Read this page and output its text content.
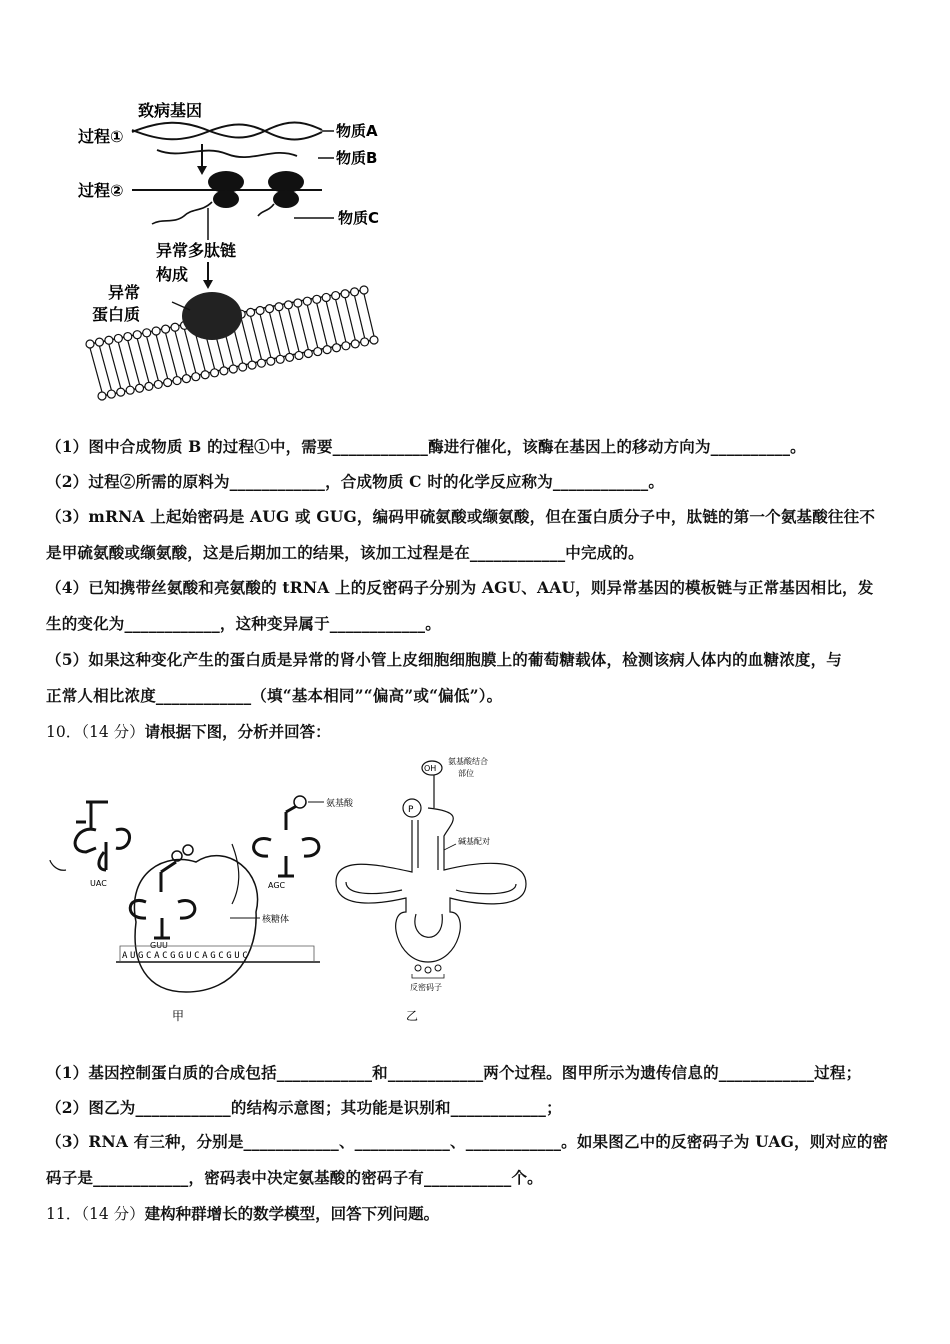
致病基因
过程①	物质A
物质B
过程②
物质C
异常多肽链
构成
异常
蛋白质
（1）图中合成物质 B 的过程①中，需要____________酶进行催化，该酶在基因上的移动方向为__________。
（2）过程②所需的原料为____________，合成物质 C 时的化学反应称为____________。
（3）mRNA 上起始密码是 AUG 或 GUG，编码甲硫氨酸或缬氨酸，但在蛋白质分子中，肽链的第一个氨基酸往往不
是甲硫氨酸或缬氨酸，这是后期加工的结果，该加工过程是在____________中完成的。
（4）已知携带丝氨酸和亮氨酸的 tRNA 上的反密码子分别为 AGU、AAU，则异常基因的模板链与正常基因相比，发
生的变化为____________，这种变异属于____________。
（5）如果这种变化产生的蛋白质是异常的肾小管上皮细胞细胞膜上的葡萄糖载体，检测该病人体内的血糖浓度，与
正常人相比浓度____________（填“基本相同”“偏高”或“偏低”）。
10．（14 分）请根据下图，分析并回答：
氨基酸
UAC	AGC
GUU
核糖体
AUGCACGGUCAGCGUC
甲
P
OH
氨基酸结合
部位
碱基配对
反密码子
乙
（1）基因控制蛋白质的合成包括____________和____________两个过程。图甲所示为遗传信息的____________过程；
（2）图乙为____________的结构示意图；其功能是识别和____________；
（3）RNA 有三种，分别是____________、____________、____________。如果图乙中的反密码子为 UAG，则对应的密
码子是____________，密码表中决定氨基酸的密码子有___________个。
11．（14 分）建构种群增长的数学模型，回答下列问题。
